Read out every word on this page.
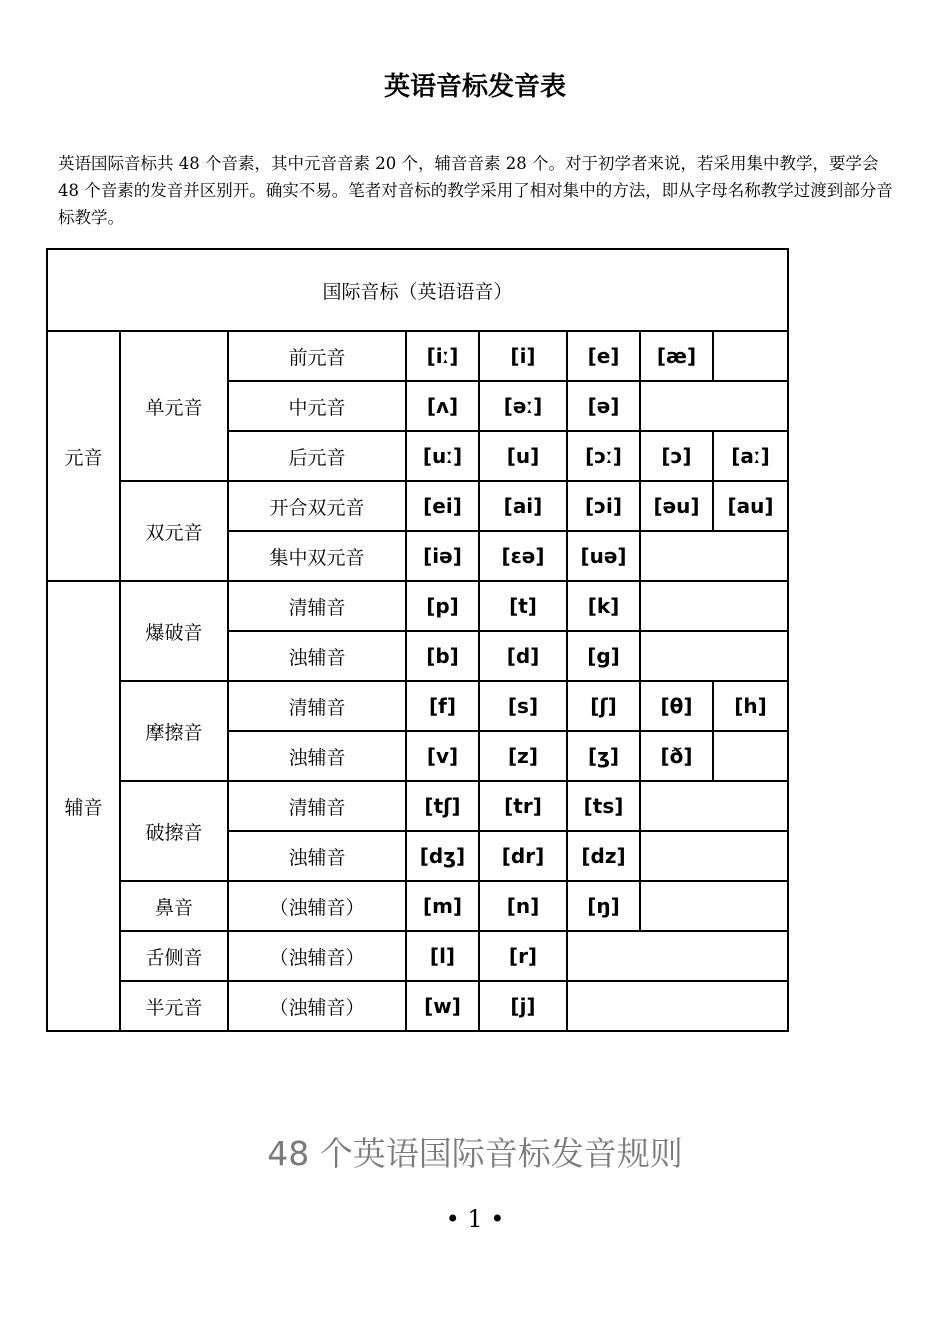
英语音标发音表

英语国际音标共 48 个音素，其中元音音素 20 个，辅音音素 28 个。对于初学者来说，若采用集中教学，要学会 48 个音素的发音并区别开。确实不易。笔者对音标的教学采用了相对集中的方法，即从字母名称教学过渡到部分音标教学。

国际音标（英语语音）							
元音	单元音	前元音	[iː]	[i]	[e]	[æ]	
		中元音	[ʌ]	[əː]	[ə]		
		后元音	[uː]	[u]	[ɔː]	[ɔ]	[aː]
	双元音	开合双元音	[ei]	[ai]	[ɔi]	[əu]	[au]
		集中双元音	[iə]	[ɛə]	[uə]		
辅音	爆破音	清辅音	[p]	[t]	[k]		
		浊辅音	[b]	[d]	[g]		
	摩擦音	清辅音	[f]	[s]	[ʃ]	[θ]	[h]
		浊辅音	[v]	[z]	[ʒ]	[ð]	
	破擦音	清辅音	[tʃ]	[tr]	[ts]		
		浊辅音	[dʒ]	[dr]	[dz]		
	鼻音	（浊辅音）	[m]	[n]	[ŋ]		
	舌侧音	（浊辅音）	[l]	[r]			
	半元音	（浊辅音）	[w]	[j]			
48 个英语国际音标发音规则
• 1 •
